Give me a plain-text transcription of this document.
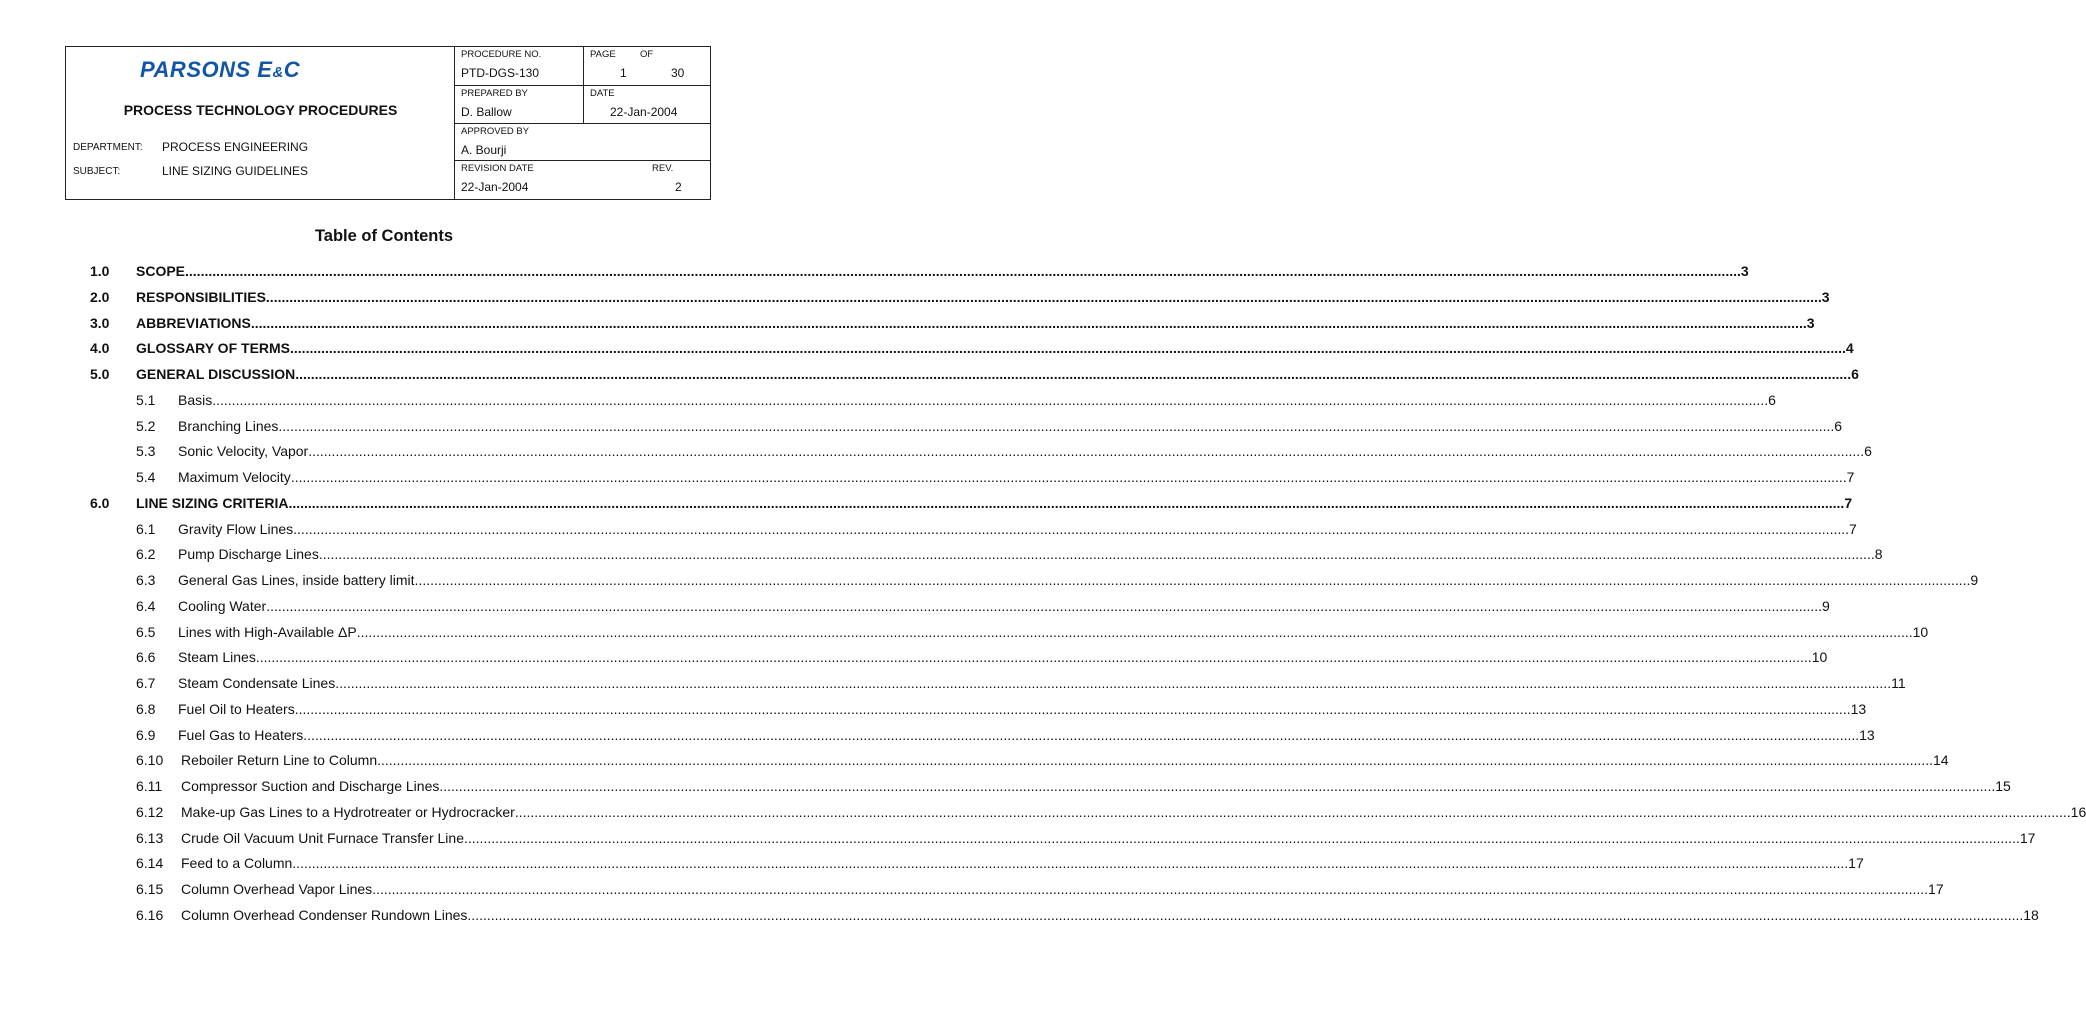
PARSONS E&C
PROCESS TECHNOLOGY PROCEDURES
DEPARTMENT: PROCESS ENGINEERING
SUBJECT:	LINE SIZING GUIDELINES
PROCEDURE NO.
PTD-DGS-130
PAGE	OF
1	30
PREPARED BY
D. Ballow
DATE
22-Jan-2004
APPROVED BY
A. Bourji
REVISION DATE
22-Jan-2004
REV.
2
Table of Contents
1.0 SCOPE ................................................................................................................................................................................................................................................................................................................................................................................................................ 3
2.0 RESPONSIBILITIES ................................................................................................................................................................................................................................................................................................................................................................................................................ 3
3.0 ABBREVIATIONS ................................................................................................................................................................................................................................................................................................................................................................................................................ 3
4.0 GLOSSARY OF TERMS ................................................................................................................................................................................................................................................................................................................................................................................................................ 4
5.0 GENERAL DISCUSSION ................................................................................................................................................................................................................................................................................................................................................................................................................ 6
5.1 Basis ................................................................................................................................................................................................................................................................................................................................................................................................................ 6
5.2 Branching Lines ................................................................................................................................................................................................................................................................................................................................................................................................................ 6
5.3 Sonic Velocity, Vapor ................................................................................................................................................................................................................................................................................................................................................................................................................ 6
5.4 Maximum Velocity ................................................................................................................................................................................................................................................................................................................................................................................................................ 7
6.0 LINE SIZING CRITERIA ................................................................................................................................................................................................................................................................................................................................................................................................................ 7
6.1 Gravity Flow Lines ................................................................................................................................................................................................................................................................................................................................................................................................................ 7
6.2 Pump Discharge Lines ................................................................................................................................................................................................................................................................................................................................................................................................................ 8
6.3 General Gas Lines, inside battery limit ................................................................................................................................................................................................................................................................................................................................................................................................................ 9
6.4 Cooling Water ................................................................................................................................................................................................................................................................................................................................................................................................................ 9
6.5 Lines with High-Available ΔP ................................................................................................................................................................................................................................................................................................................................................................................................................ 10
6.6 Steam Lines ................................................................................................................................................................................................................................................................................................................................................................................................................ 10
6.7 Steam Condensate Lines ................................................................................................................................................................................................................................................................................................................................................................................................................ 11
6.8 Fuel Oil to Heaters ................................................................................................................................................................................................................................................................................................................................................................................................................ 13
6.9 Fuel Gas to Heaters ................................................................................................................................................................................................................................................................................................................................................................................................................ 13
6.10 Reboiler Return Line to Column ................................................................................................................................................................................................................................................................................................................................................................................................................ 14
6.11 Compressor Suction and Discharge Lines ................................................................................................................................................................................................................................................................................................................................................................................................................ 15
6.12 Make-up Gas Lines to a Hydrotreater or Hydrocracker ................................................................................................................................................................................................................................................................................................................................................................................................................ 16
6.13 Crude Oil Vacuum Unit Furnace Transfer Line ................................................................................................................................................................................................................................................................................................................................................................................................................ 17
6.14 Feed to a Column ................................................................................................................................................................................................................................................................................................................................................................................................................ 17
6.15 Column Overhead Vapor Lines ................................................................................................................................................................................................................................................................................................................................................................................................................ 17
6.16 Column Overhead Condenser Rundown Lines ................................................................................................................................................................................................................................................................................................................................................................................................................ 18
